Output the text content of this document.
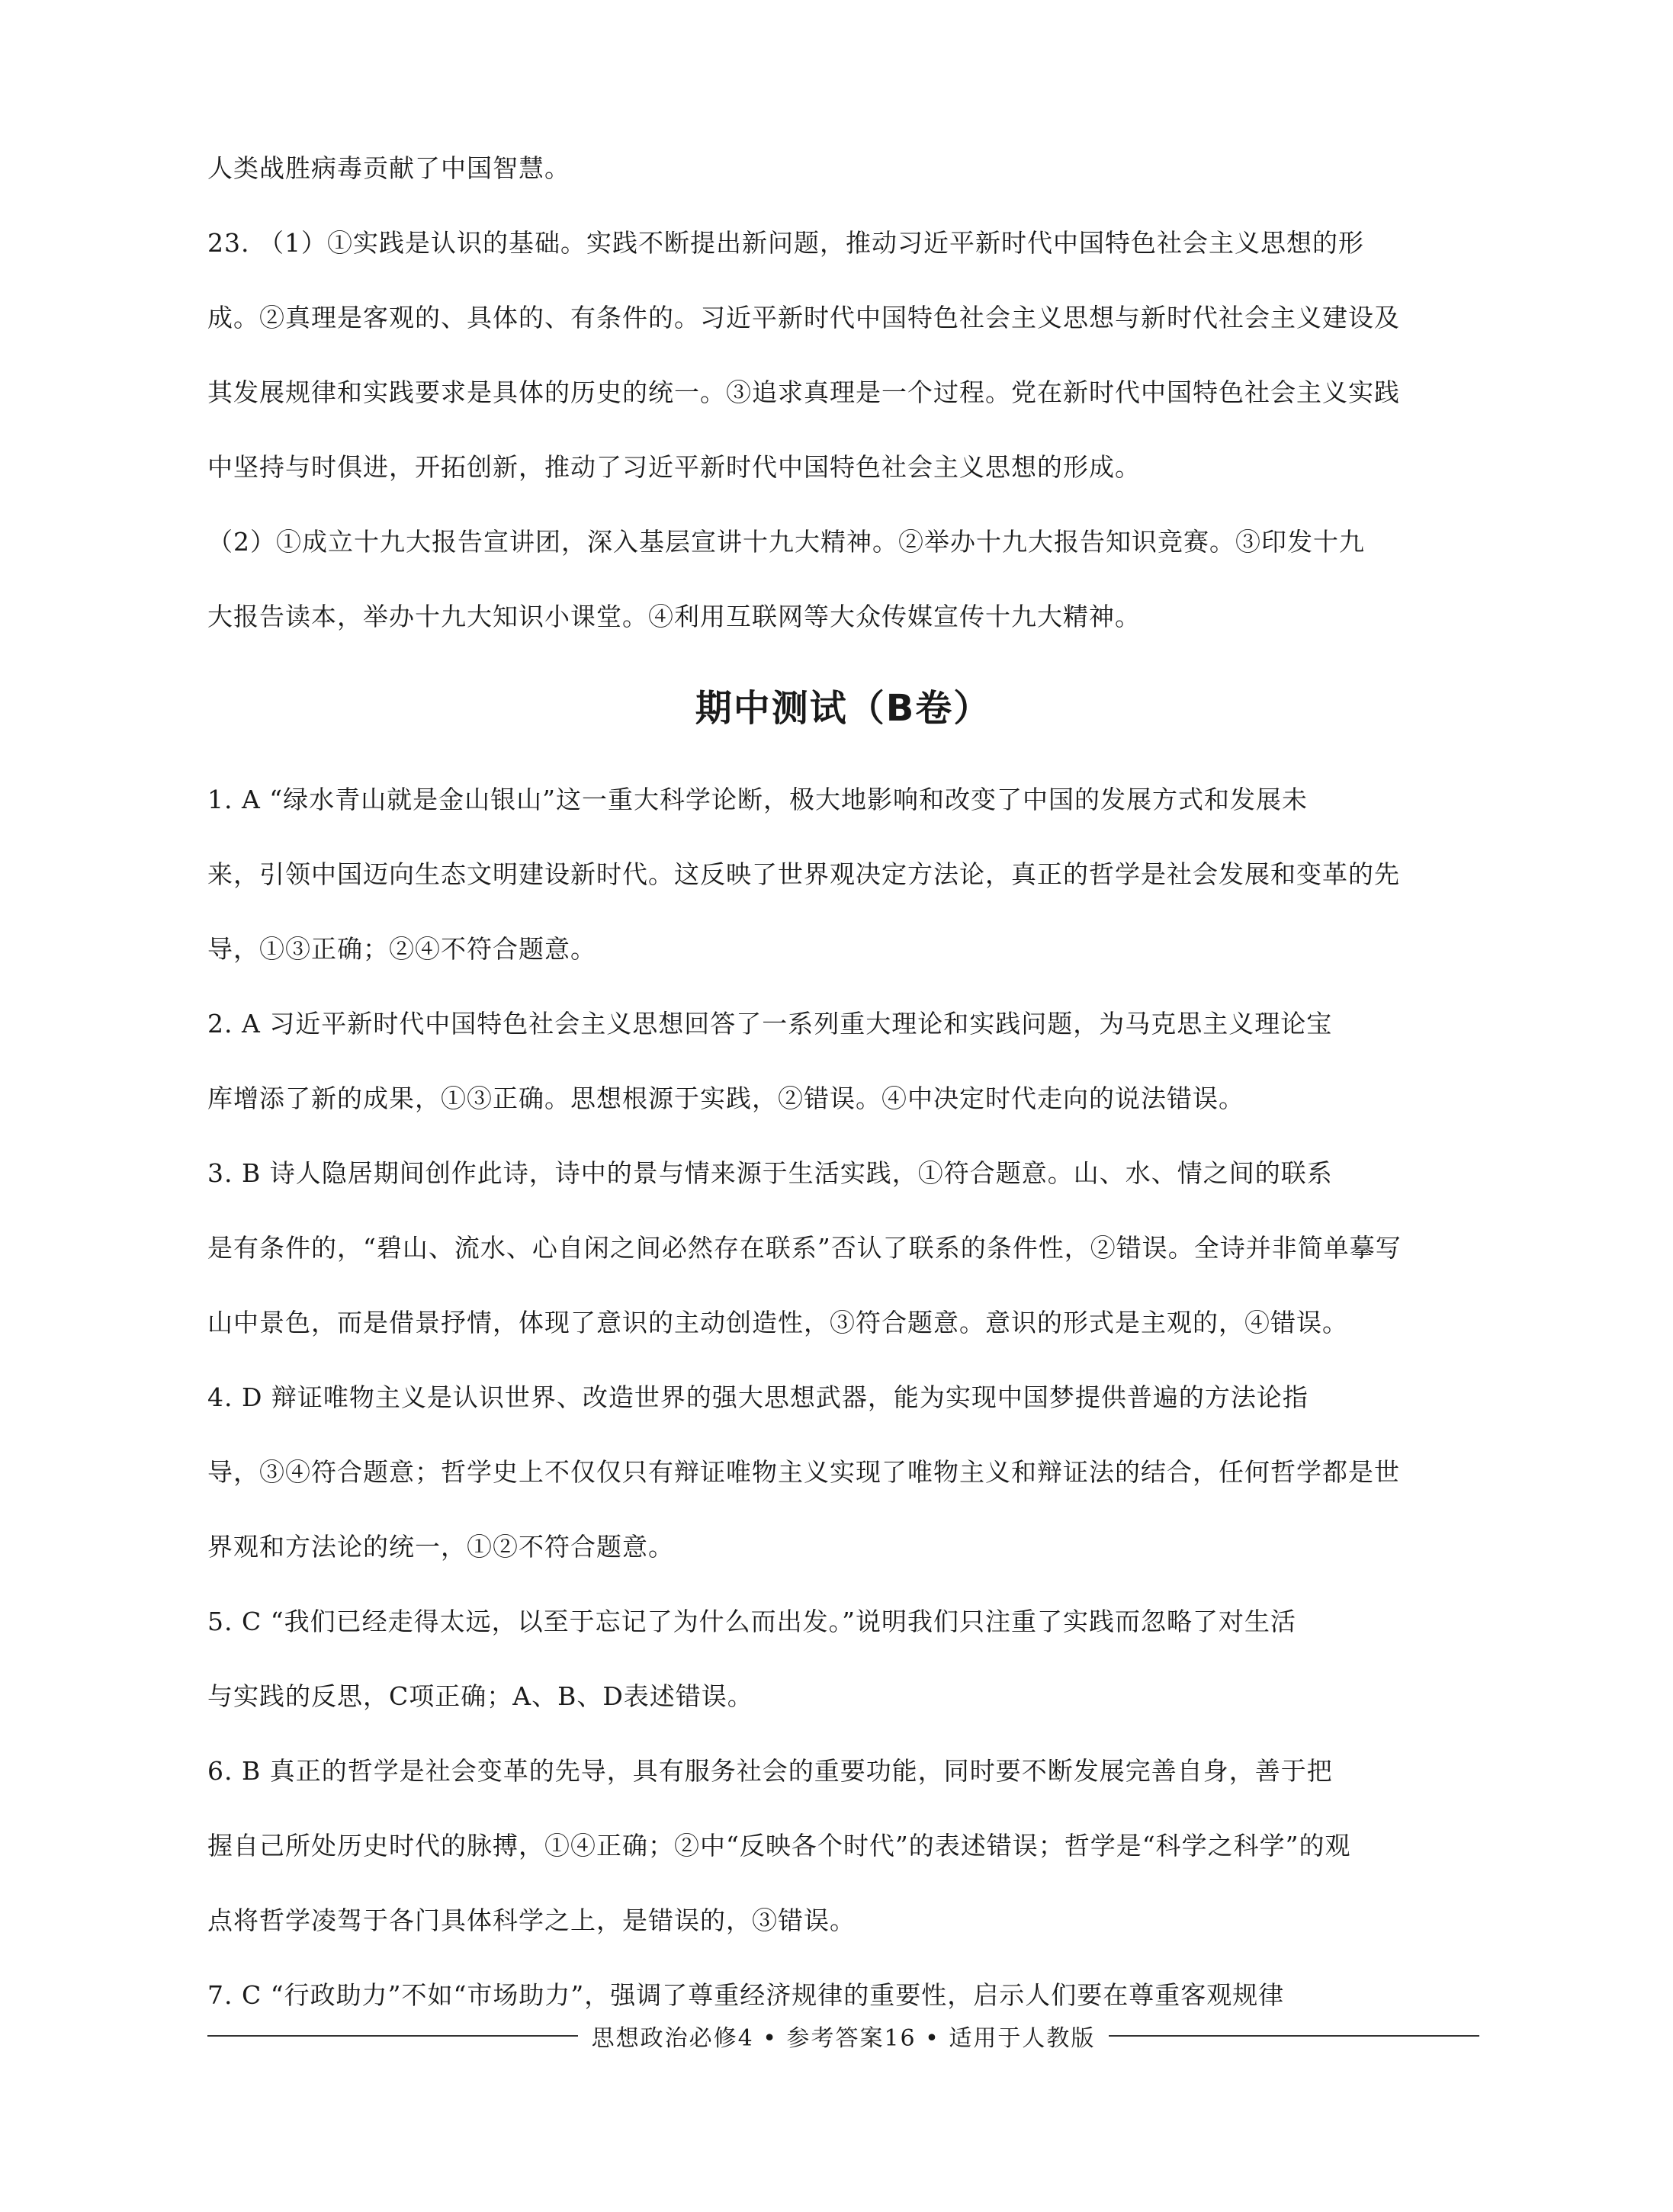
人类战胜病毒贡献了中国智慧。

23. （1）①实践是认识的基础。实践不断提出新问题，推动习近平新时代中国特色社会主义思想的形
成。②真理是客观的、具体的、有条件的。习近平新时代中国特色社会主义思想与新时代社会主义建设及
其发展规律和实践要求是具体的历史的统一。③追求真理是一个过程。党在新时代中国特色社会主义实践
中坚持与时俱进，开拓创新，推动了习近平新时代中国特色社会主义思想的形成。

（2）①成立十九大报告宣讲团，深入基层宣讲十九大精神。②举办十九大报告知识竞赛。③印发十九
大报告读本，举办十九大知识小课堂。④利用互联网等大众传媒宣传十九大精神。

期中测试（B卷）

1. A “绿水青山就是金山银山”这一重大科学论断，极大地影响和改变了中国的发展方式和发展未
来，引领中国迈向生态文明建设新时代。这反映了世界观决定方法论，真正的哲学是社会发展和变革的先
导，①③正确；②④不符合题意。

2. A 习近平新时代中国特色社会主义思想回答了一系列重大理论和实践问题，为马克思主义理论宝
库增添了新的成果，①③正确。思想根源于实践，②错误。④中决定时代走向的说法错误。

3. B 诗人隐居期间创作此诗，诗中的景与情来源于生活实践，①符合题意。山、水、情之间的联系
是有条件的，“碧山、流水、心自闲之间必然存在联系”否认了联系的条件性，②错误。全诗并非简单摹写
山中景色，而是借景抒情，体现了意识的主动创造性，③符合题意。意识的形式是主观的，④错误。

4. D 辩证唯物主义是认识世界、改造世界的强大思想武器，能为实现中国梦提供普遍的方法论指
导，③④符合题意；哲学史上不仅仅只有辩证唯物主义实现了唯物主义和辩证法的结合，任何哲学都是世
界观和方法论的统一，①②不符合题意。

5. C “我们已经走得太远，以至于忘记了为什么而出发。”说明我们只注重了实践而忽略了对生活
与实践的反思，C项正确；A、B、D表述错误。

6. B 真正的哲学是社会变革的先导，具有服务社会的重要功能，同时要不断发展完善自身，善于把
握自己所处历史时代的脉搏，①④正确；②中“反映各个时代”的表述错误；哲学是“科学之科学”的观
点将哲学凌驾于各门具体科学之上，是错误的，③错误。

7. C “行政助力”不如“市场助力”，强调了尊重经济规律的重要性，启示人们要在尊重客观规律

思想政治必修4 • 参考答案16 • 适用于人教版
